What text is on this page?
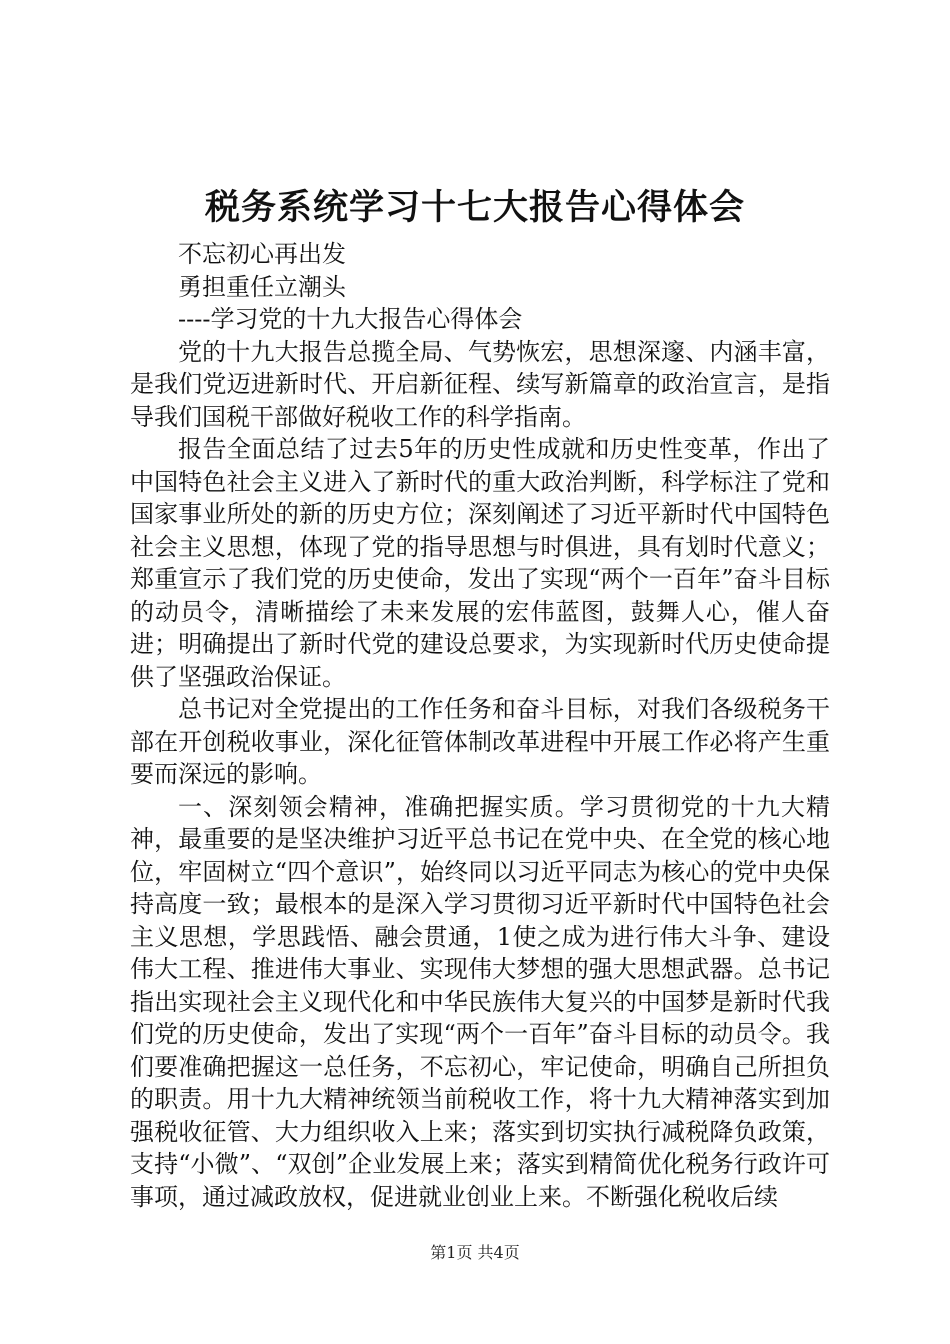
税务系统学习十七大报告心得体会

不忘初心再出发

勇担重任立潮头

----学习党的十九大报告心得体会

党的十九大报告总揽全局、气势恢宏，思想深邃、内涵丰富，是我们党迈进新时代、开启新征程、续写新篇章的政治宣言，是指导我们国税干部做好税收工作的科学指南。

报告全面总结了过去5年的历史性成就和历史性变革，作出了中国特色社会主义进入了新时代的重大政治判断，科学标注了党和国家事业所处的新的历史方位；深刻阐述了习近平新时代中国特色社会主义思想，体现了党的指导思想与时俱进，具有划时代意义；郑重宣示了我们党的历史使命，发出了实现“两个一百年”奋斗目标的动员令，清晰描绘了未来发展的宏伟蓝图，鼓舞人心，催人奋进；明确提出了新时代党的建设总要求，为实现新时代历史使命提供了坚强政治保证。

总书记对全党提出的工作任务和奋斗目标，对我们各级税务干部在开创税收事业，深化征管体制改革进程中开展工作必将产生重要而深远的影响。

一、深刻领会精神，准确把握实质。学习贯彻党的十九大精神，最重要的是坚决维护习近平总书记在党中央、在全党的核心地位，牢固树立“四个意识”，始终同以习近平同志为核心的党中央保持高度一致；最根本的是深入学习贯彻习近平新时代中国特色社会主义思想，学思践悟、融会贯通，1使之成为进行伟大斗争、建设伟大工程、推进伟大事业、实现伟大梦想的强大思想武器。总书记指出实现社会主义现代化和中华民族伟大复兴的中国梦是新时代我们党的历史使命，发出了实现“两个一百年”奋斗目标的动员令。我们要准确把握这一总任务，不忘初心，牢记使命，明确自己所担负的职责。用十九大精神统领当前税收工作，将十九大精神落实到加强税收征管、大力组织收入上来；落实到切实执行减税降负政策，支持“小微”、“双创”企业发展上来；落实到精简优化税务行政许可事项，通过减政放权，促进就业创业上来。不断强化税收后续

第1页 共4页
